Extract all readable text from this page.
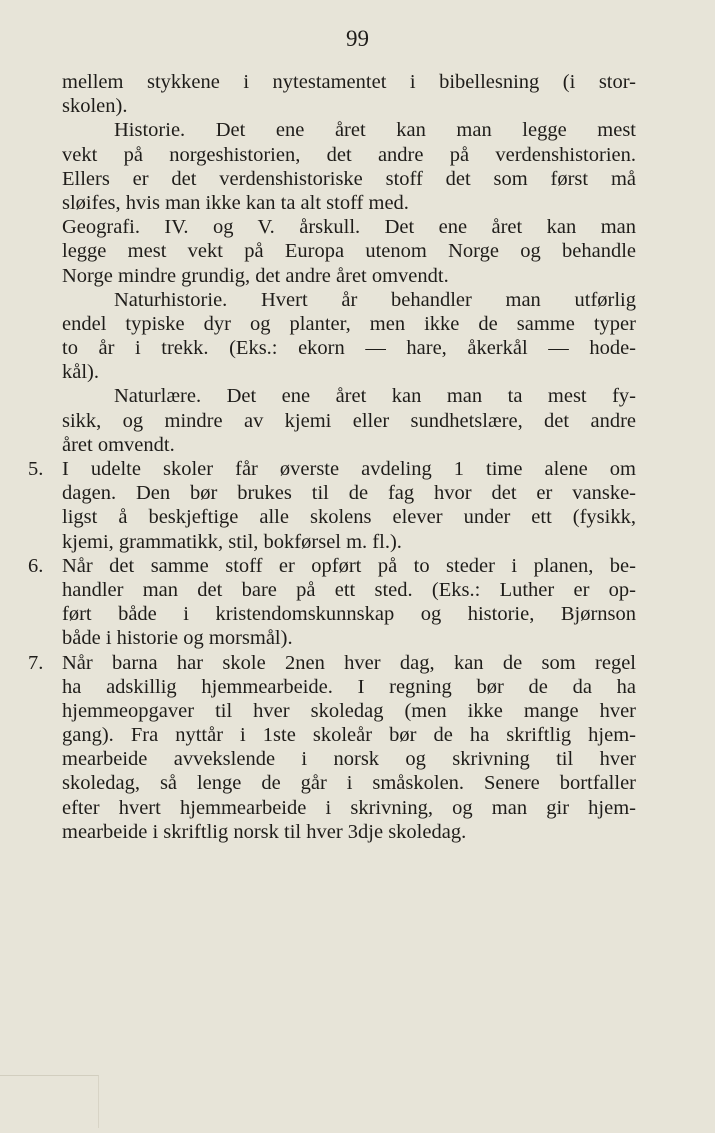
99
mellem stykkene i nytestamentet i bibellesning (i stor-
skolen).
Historie. Det ene året kan man legge mest
vekt på norgeshistorien, det andre på verdenshistorien.
Ellers er det verdenshistoriske stoff det som først må
sløifes, hvis man ikke kan ta alt stoff med.
Geografi. IV. og V. årskull. Det ene året kan man
legge mest vekt på Europa utenom Norge og behandle
Norge mindre grundig, det andre året omvendt.
Naturhistorie. Hvert år behandler man utførlig
endel typiske dyr og planter, men ikke de samme typer
to år i trekk. (Eks.: ekorn — hare, åkerkål — hode-
kål).
Naturlære. Det ene året kan man ta mest fy-
sikk, og mindre av kjemi eller sundhetslære, det andre
året omvendt.
5. I udelte skoler får øverste avdeling 1 time alene om
dagen. Den bør brukes til de fag hvor det er vanske-
ligst å beskjeftige alle skolens elever under ett (fysikk,
kjemi, grammatikk, stil, bokførsel m. fl.).
6. Når det samme stoff er opført på to steder i planen, be-
handler man det bare på ett sted. (Eks.: Luther er op-
ført både i kristendomskunnskap og historie, Bjørnson
både i historie og morsmål).
7. Når barna har skole 2nen hver dag, kan de som regel
ha adskillig hjemmearbeide. I regning bør de da ha
hjemmeopgaver til hver skoledag (men ikke mange hver
gang). Fra nyttår i 1ste skoleår bør de ha skriftlig hjem-
mearbeide avvekslende i norsk og skrivning til hver
skoledag, så lenge de går i småskolen. Senere bortfaller
efter hvert hjemmearbeide i skrivning, og man gir hjem-
mearbeide i skriftlig norsk til hver 3dje skoledag.
